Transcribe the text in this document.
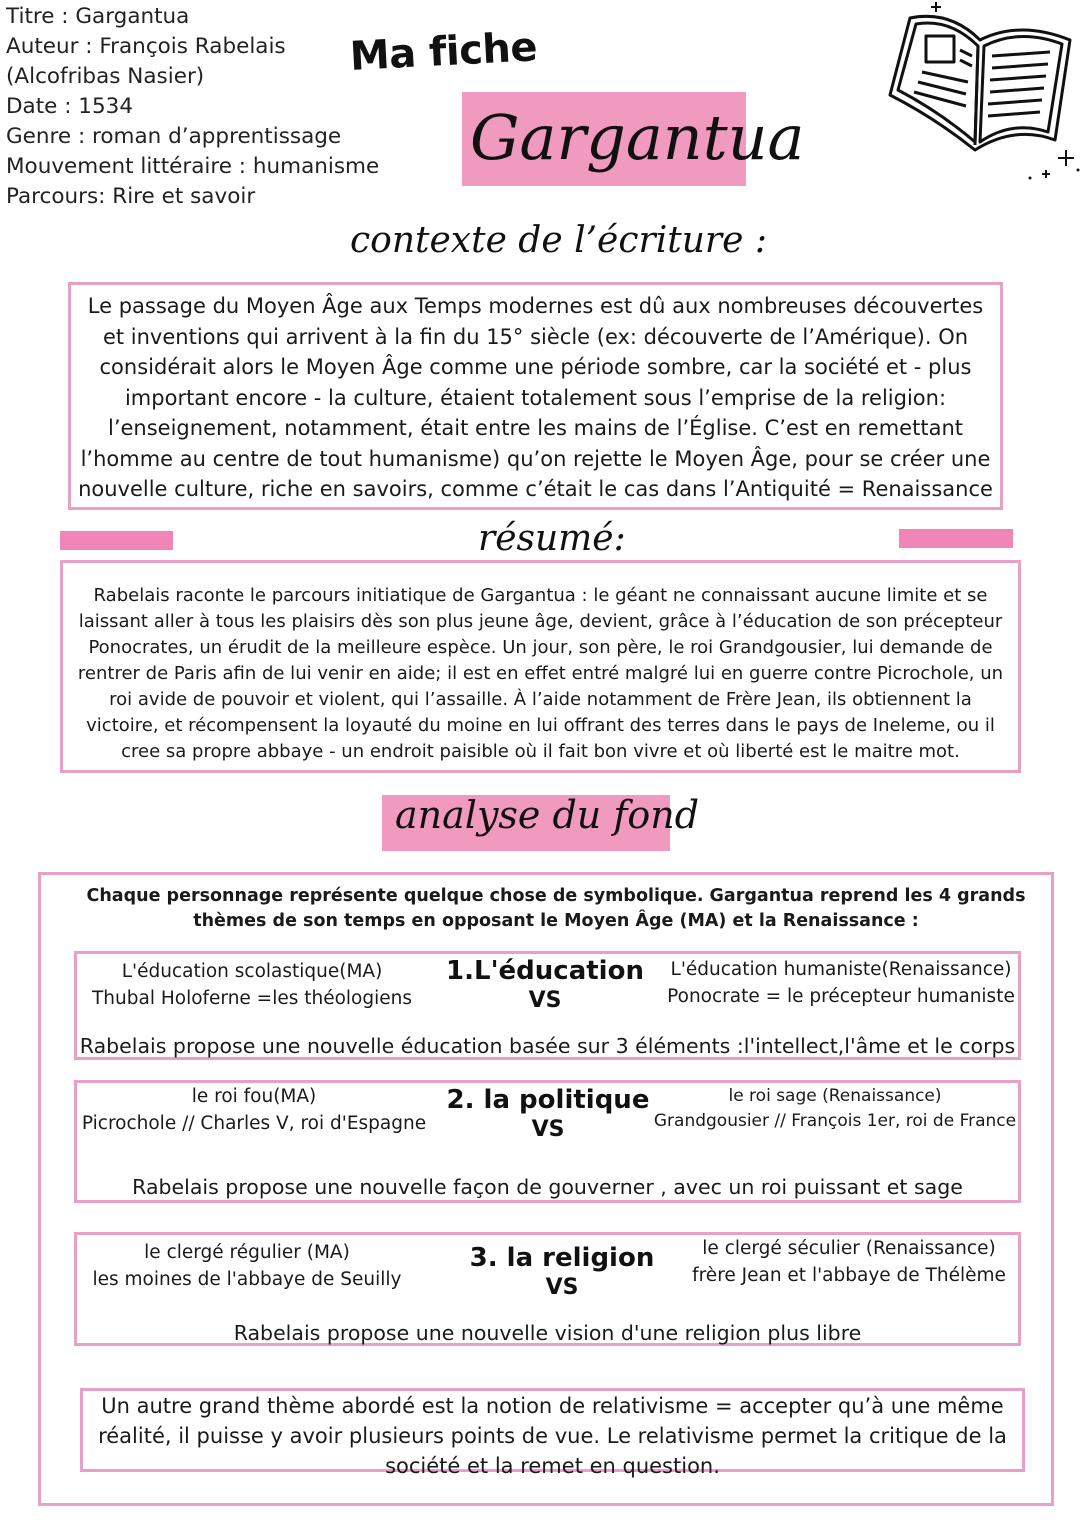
Titre : Gargantua
Auteur : François Rabelais
(Alcofribas Nasier)
Date : 1534
Genre : roman d’apprentissage
Mouvement littéraire : humanisme
Parcours: Rire et savoir
Ma fiche
Gargantua
contexte de l’écriture :
Le passage du Moyen Âge aux Temps modernes est dû aux nombreuses découvertes et inventions qui arrivent à la fin du 15° siècle (ex: découverte de l’Amérique). On considérait alors le Moyen Âge comme une période sombre, car la société et - plus important encore - la culture, étaient totalement sous l’emprise de la religion: l’enseignement, notamment, était entre les mains de l’Église. C’est en remettant l’homme au centre de tout humanisme) qu’on rejette le Moyen Âge, pour se créer une nouvelle culture, riche en savoirs, comme c’était le cas dans l’Antiquité = Renaissance
résumé:
Rabelais raconte le parcours initiatique de Gargantua : le géant ne connaissant aucune limite et se laissant aller à tous les plaisirs dès son plus jeune âge, devient, grâce à l’éducation de son précepteur Ponocrates, un érudit de la meilleure espèce. Un jour, son père, le roi Grandgousier, lui demande de rentrer de Paris afin de lui venir en aide; il est en effet entré malgré lui en guerre contre Picrochole, un roi avide de pouvoir et violent, qui l’assaille. À l’aide notamment de Frère Jean, ils obtiennent la victoire, et récompensent la loyauté du moine en lui offrant des terres dans le pays de Ineleme, ou il cree sa propre abbaye - un endroit paisible où il fait bon vivre et où liberté est le maitre mot.
analyse du fond
Chaque personnage représente quelque chose de symbolique. Gargantua reprend les 4 grands thèmes de son temps en opposant le Moyen Âge (MA) et la Renaissance :
L'éducation scolastique(MA)
Thubal Holoferne =les théologiens
1.L'éducation
VS
L'éducation humaniste(Renaissance)
Ponocrate = le précepteur humaniste
Rabelais propose une nouvelle éducation basée sur 3 éléments :l'intellect,l'âme et le corps
le roi fou(MA)
Picrochole // Charles V, roi d'Espagne
2. la politique
VS
le roi sage (Renaissance)
Grandgousier // François 1er, roi de France
Rabelais propose une nouvelle façon de gouverner , avec un roi puissant et sage
le clergé régulier (MA)
les moines de l'abbaye de Seuilly
3. la religion
VS
le clergé séculier (Renaissance)
frère Jean et l'abbaye de Thélème
Rabelais propose une nouvelle vision d'une religion plus libre
Un autre grand thème abordé est la notion de relativisme = accepter qu’à une même réalité, il puisse y avoir plusieurs points de vue. Le relativisme permet la critique de la société et la remet en question.
